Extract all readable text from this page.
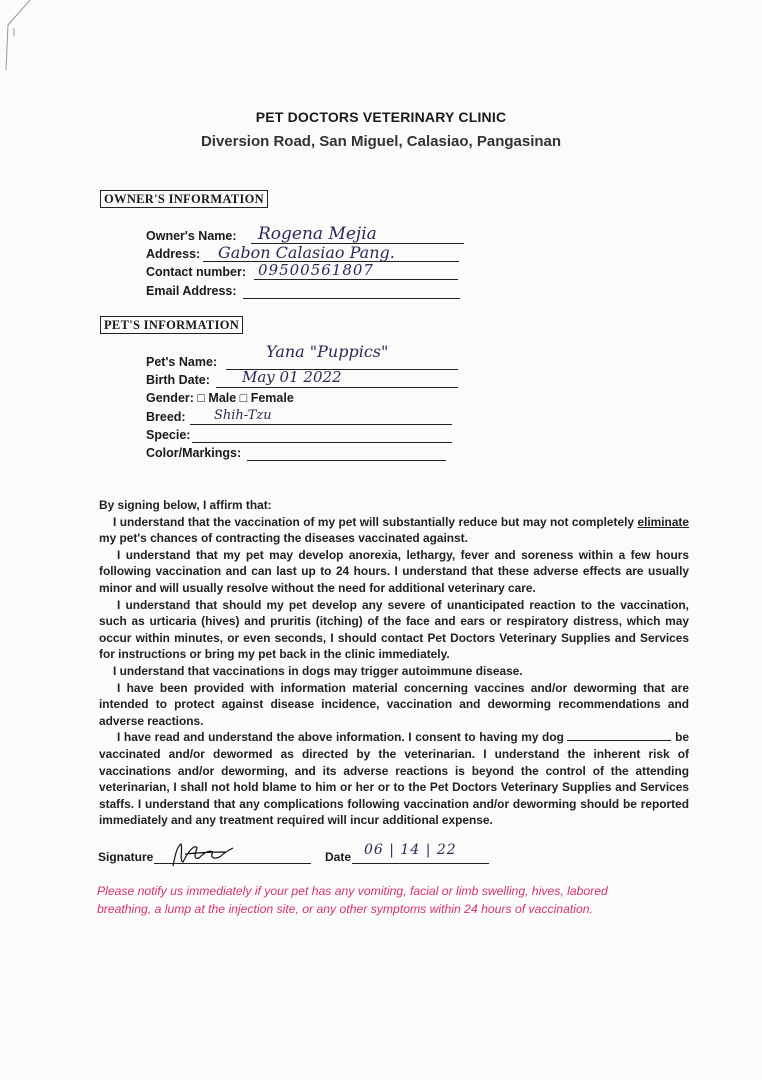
PET DOCTORS VETERINARY CLINIC
Diversion Road, San Miguel, Calasiao, Pangasinan
OWNER'S INFORMATION
Owner's Name: Rogena Mejia
Address: Gabon Calasiao Pang.
Contact number: 09500561807
Email Address:
PET'S INFORMATION
Pet's Name:
Yana "Puppics"
Birth Date: May 01 2022
Gender: □ Male □ Female
Breed: Shih-Tzu
Specie:
Color/Markings:

By signing below, I affirm that:

I understand that the vaccination of my pet will substantially reduce but may not completely eliminate my pet's chances of contracting the diseases vaccinated against.

I understand that my pet may develop anorexia, lethargy, fever and soreness within a few hours following vaccination and can last up to 24 hours. I understand that these adverse effects are usually minor and will usually resolve without the need for additional veterinary care.

I understand that should my pet develop any severe of unanticipated reaction to the vaccination, such as urticaria (hives) and pruritis (itching) of the face and ears or respiratory distress, which may occur within minutes, or even seconds, I should contact Pet Doctors Veterinary Supplies and Services for instructions or bring my pet back in the clinic immediately.

I understand that vaccinations in dogs may trigger autoimmune disease.

I have been provided with information material concerning vaccines and/or deworming that are intended to protect against disease incidence, vaccination and deworming recommendations and adverse reactions.

I have read and understand the above information. I consent to having my dog	be vaccinated and/or dewormed as directed by the veterinarian. I understand the inherent risk of vaccinations and/or deworming, and its adverse reactions is beyond the control of the attending veterinarian, I shall not hold blame to him or her or to the Pet Doctors Veterinary Supplies and Services staffs. I understand that any complications following vaccination and/or deworming should be reported immediately and any treatment required will incur additional expense.

Signature	Date 06 | 14 | 22
Please notify us immediately if your pet has any vomiting, facial or limb swelling, hives, labored breathing, a lump at the injection site, or any other symptoms within 24 hours of vaccination.
